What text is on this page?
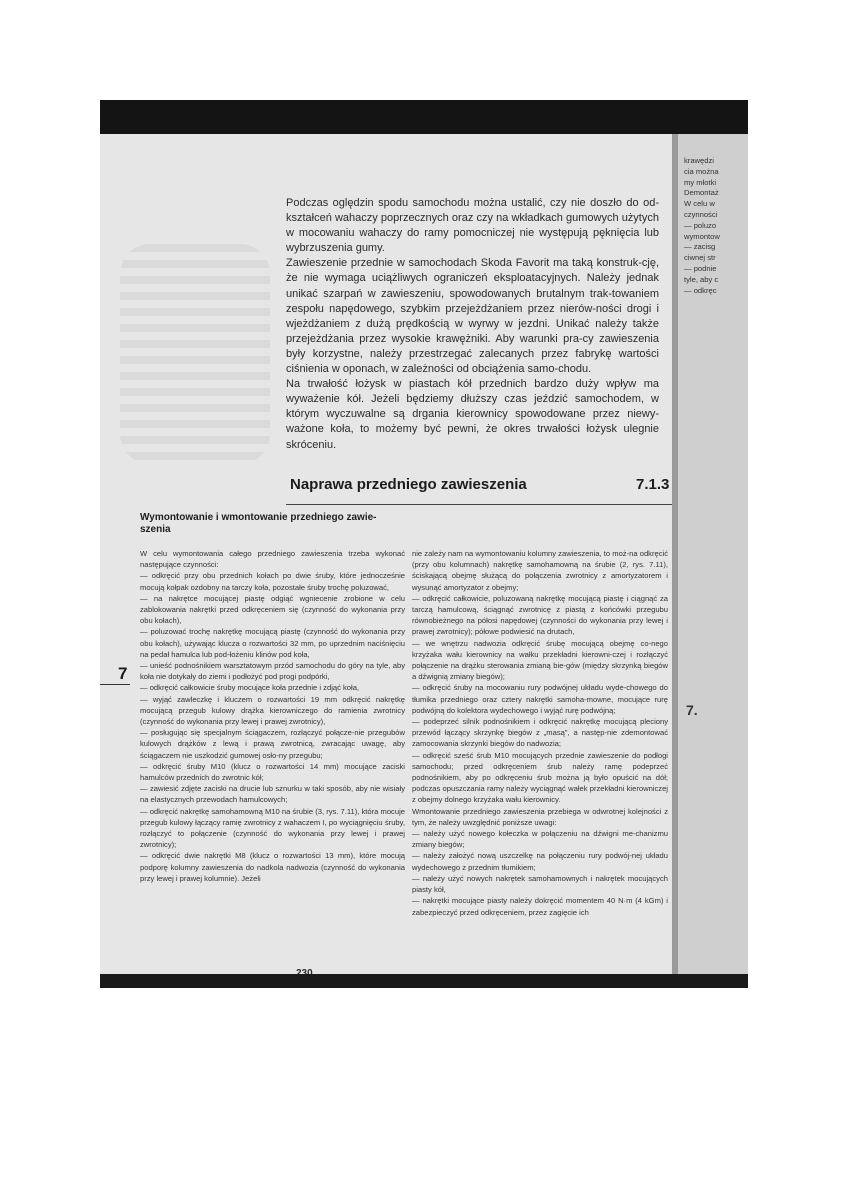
Podczas oględzin spodu samochodu można ustalić, czy nie doszło do od-kształceń wahaczy poprzecznych oraz czy na wkładkach gumowych użytych w mocowaniu wahaczy do ramy pomocniczej nie występują pęknięcia lub wybrzuszenia gumy.

Zawieszenie przednie w samochodach Skoda Favorit ma taką konstruk-cję, że nie wymaga uciążliwych ograniczeń eksploatacyjnych. Należy jednak unikać szarpań w zawieszeniu, spowodowanych brutalnym trak-towaniem zespołu napędowego, szybkim przejeżdżaniem przez nierów-ności drogi i wjeżdżaniem z dużą prędkością w wyrwy w jezdni. Unikać należy także przejeżdżania przez wysokie krawężniki. Aby warunki pra-cy zawieszenia były korzystne, należy przestrzegać zalecanych przez fabrykę wartości ciśnienia w oponach, w zależności od obciążenia samo-chodu.

Na trwałość łożysk w piastach kół przednich bardzo duży wpływ ma wyważenie kół. Jeżeli będziemy dłuższy czas jeździć samochodem, w którym wyczuwalne są drgania kierownicy spowodowane przez niewy-ważone koła, to możemy być pewni, że okres trwałości łożysk ulegnie skróceniu.

Naprawa przedniego zawieszenia	7.1.3
Wymontowanie i wmontowanie przedniego zawie-szenia

W celu wymontowania całego przedniego zawieszenia trzeba wykonać następujące czynności:

— odkręcić przy obu przednich kołach po dwie śruby, które jednocześnie mocują kołpak ozdobny na tarczy koła, pozostałe śruby trochę poluzować,

— na nakrętce mocującej piastę odgiąć wgniecenie zrobione w celu zablokowania nakrętki przed odkręceniem się (czynność do wykonania przy obu kołach),

— poluzować trochę nakrętkę mocującą piastę (czynność do wykonania przy obu kołach), używając klucza o rozwartości 32 mm, po uprzednim naciśnięciu na pedał hamulca lub pod-łożeniu klinów pod koła,

— unieść podnośnikiem warsztatowym przód samochodu do góry na tyle, aby koła nie dotykały do ziemi i podłożyć pod progi podpórki,

— odkręcić całkowicie śruby mocujące koła przednie i zdjąć koła,

— wyjąć zawleczkę i kluczem o rozwartości 19 mm odkręcić nakrętkę mocującą przegub kulowy drążka kierowniczego do ramienia zwrotnicy (czynność do wykonania przy lewej i prawej zwrotnicy),

— posługując się specjalnym ściągaczem, rozłączyć połącze-nie przegubów kulowych drążków z lewą i prawą zwrotnicą, zwracając uwagę, aby ściągaczem nie uszkodzić gumowej osło-ny przegubu;

— odkręcić śruby M10 (klucz o rozwartości 14 mm) mocujące zaciski hamulców przednich do zwrotnic kół;

— zawiesić zdjęte zaciski na drucie lub sznurku w taki sposób, aby nie wisiały na elastycznych przewodach hamulcowych;

— odkręcić nakrętkę samohamowną M10 na śrubie (3, rys. 7.11), która mocuje przegub kulowy łączący ramię zwrotnicy z wahaczem I, po wyciągnięciu śruby, rozłączyć to połączenie (czynność do wykonania przy lewej i prawej zwrotnicy);

— odkręcić dwie nakrętki M8 (klucz o rozwartości 13 mm), które mocują podporę kolumny zawieszenia do nadkola nadwozia (czynność do wykonania przy lewej i prawej kolumnie). Jeżeli

nie zależy nam na wymontowaniu kolumny zawieszenia, to moż-na odkręcić (przy obu kolumnach) nakrętkę samohamowną na śrubie (2, rys. 7.11), ściskającą obejmę służącą do połączenia zwrotnicy z amortyzatorem i wysunąć amortyzator z obejmy;

— odkręcić całkowicie, poluzowaną nakrętkę mocującą piastę i ciągnąć za tarczą hamulcową, ściągnąć zwrotnicę z piastą z końcówki przegubu równobieżnego na półosi napędowej (czynności do wykonania przy lewej i prawej zwrotnicy); półowe podwiesić na drutach,

— we wnętrzu nadwozia odkręcić śrubę mocującą obejmę co-nego krzyżaka wału kierownicy na wałku przekładni kierowni-czej i rozłączyć połączenie na drążku sterowania zmianą bie-gów (między skrzynką biegów a dźwignią zmiany biegów);

— odkręcić śruby na mocowaniu rury podwójnej układu wyde-chowego do tłumika przedniego oraz cztery nakrętki samoha-mowne, mocujące rurę podwójną do kolektora wydechowego i wyjąć rurę podwójną;

— podeprzeć silnik podnośnikiem i odkręcić nakrętkę mocującą pleciony przewód łączący skrzynkę biegów z „masą”, a następ-nie zdemontować zamocowania skrzynki biegów do nadwozia;

— odkręcić sześć śrub M10 mocujących przednie zawieszenie do podłogi samochodu; przed odkręceniem śrub należy ramę podeprzeć podnośnikiem, aby po odkręceniu śrub można ją było opuścić na dół; podczas opuszczania ramy należy wyciągnąć wałek przekładni kierowniczej z obejmy dolnego krzyżaka wału kierownicy.

Wmontowanie przedniego zawieszenia przebiega w odwrotnej kolejności z tym, że należy uwzględnić poniższe uwagi:

— należy użyć nowego kołeczka w połączeniu na dźwigni me-chanizmu zmiany biegów;

— należy założyć nową uszczelkę na połączeniu rury podwój-nej układu wydechowego z przednim tłumikiem;

— należy użyć nowych nakrętek samohamownych i nakrętek mocujących piasty kół,

— nakrętki mocujące piasty należy dokręcić momentem 40 N·m (4 kGm) i zabezpieczyć przed odkręceniem, przez zagięcie ich

7

krawędzi

cia można

my młotki

Demontaż

W celu w

czynności

— poluzo

wymontow

— zacisg

ciwnej str

— podnie

tyle, aby c

— odkręc

7.
